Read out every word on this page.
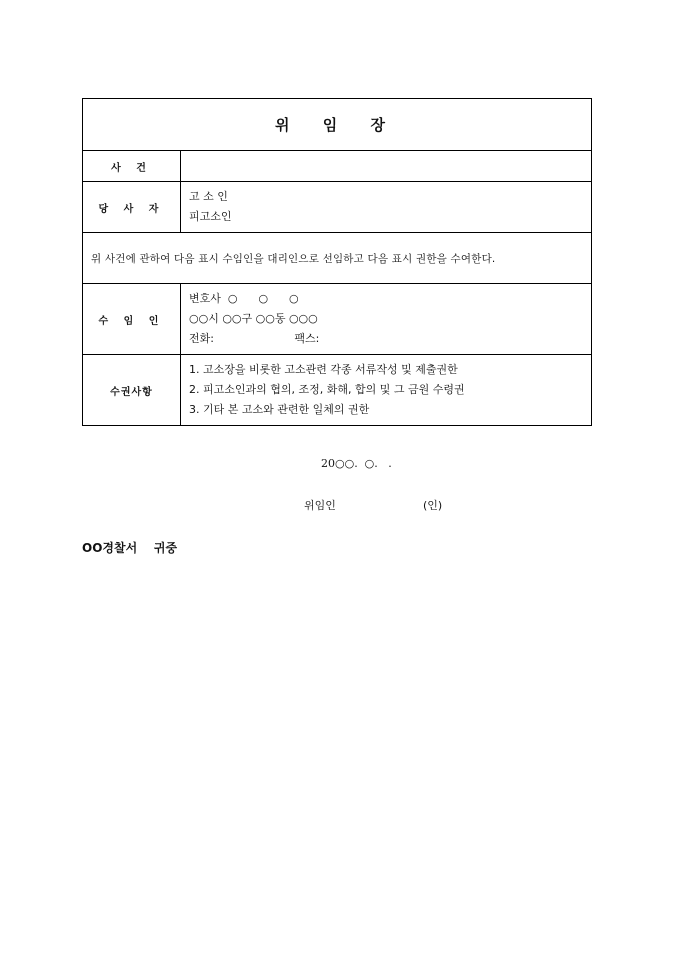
위 임 장	
사 건	
당 사 자	고 소 인
피고소인

위 사건에 관하여 다음 표시 수임인을 대리인으로 선임하고 다음 표시 권한을 수여한다.	
수 임 인	변호사  ○      ○      ○
○○시 ○○구 ○○동 ○○○
전화:                       팩스:

수권사항	1. 고소장을 비롯한 고소관련 각종 서류작성 및 제출권한
2. 피고소인과의 협의, 조정, 화해, 합의 및 그 금원 수령권
3. 기타 본 고소와 관련한 일체의 권한
20○○.  ○.   .
위임인	(인)
OO경찰서    귀중
